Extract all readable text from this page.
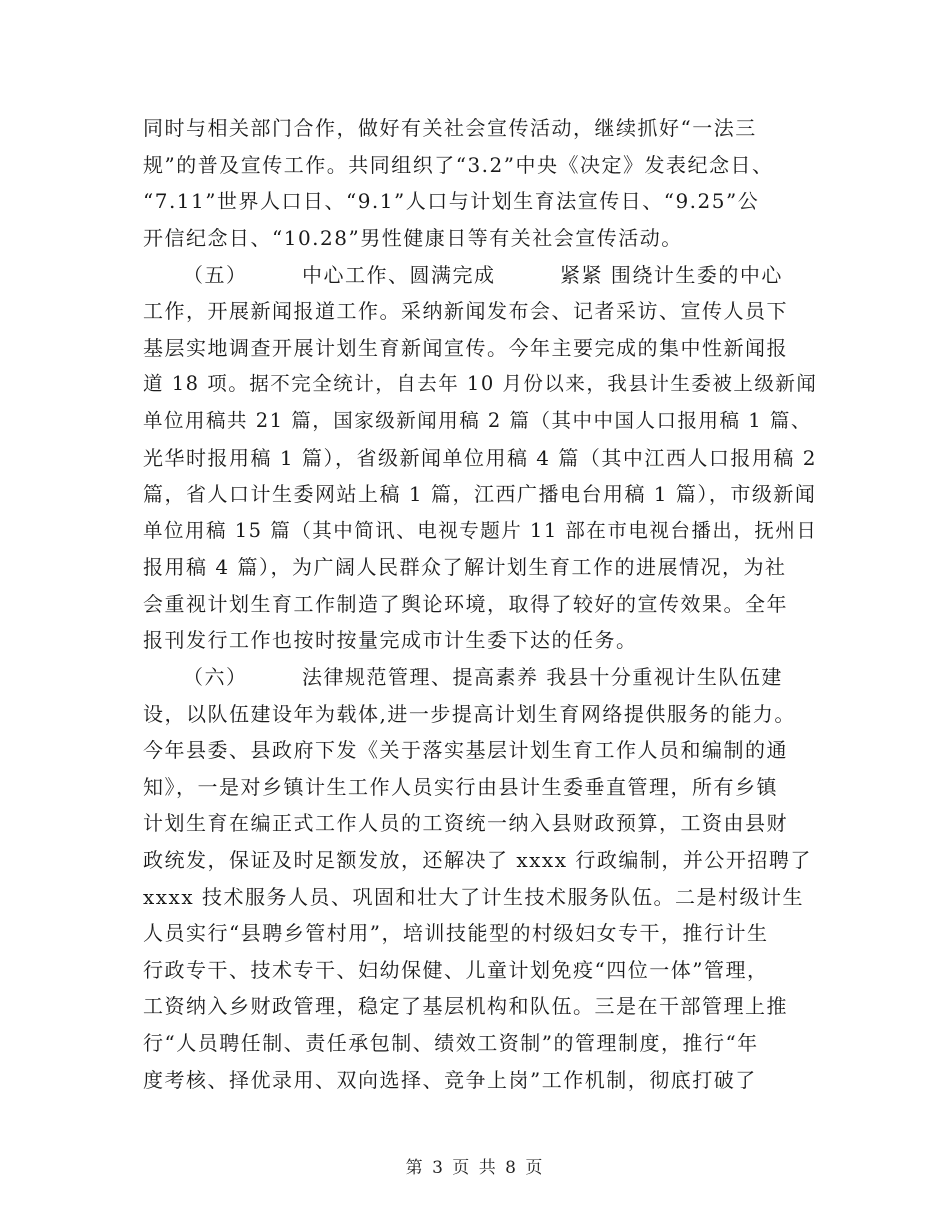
同时与相关部门合作，做好有关社会宣传活动，继续抓好“一法三
规”的普及宣传工作。共同组织了“3.2”中央《决定》发表纪念日、
“7.11”世界人口日、“9.1”人口与计划生育法宣传日、“9.25”公
开信纪念日、“10.28”男性健康日等有关社会宣传活动。
（五）　　　中心工作、圆满完成　　　紧紧 围绕计生委的中心
工作，开展新闻报道工作。采纳新闻发布会、记者采访、宣传人员下
基层实地调查开展计划生育新闻宣传。今年主要完成的集中性新闻报
道 18 项。据不完全统计，自去年 10 月份以来，我县计生委被上级新闻
单位用稿共 21 篇，国家级新闻用稿 2 篇（其中中国人口报用稿 1 篇、
光华时报用稿 1 篇），省级新闻单位用稿 4 篇（其中江西人口报用稿 2
篇，省人口计生委网站上稿 1 篇，江西广播电台用稿 1 篇），市级新闻
单位用稿 15 篇（其中简讯、电视专题片 11 部在市电视台播出，抚州日
报用稿 4 篇），为广阔人民群众了解计划生育工作的进展情况，为社
会重视计划生育工作制造了舆论环境，取得了较好的宣传效果。全年
报刊发行工作也按时按量完成市计生委下达的任务。
（六）　　　法律规范管理、提高素养 我县十分重视计生队伍建
设，以队伍建设年为载体,进一步提高计划生育网络提供服务的能力。
今年县委、县政府下发《关于落实基层计划生育工作人员和编制的通
知》，一是对乡镇计生工作人员实行由县计生委垂直管理，所有乡镇
计划生育在编正式工作人员的工资统一纳入县财政预算，工资由县财
政统发，保证及时足额发放，还解决了 xxxx 行政编制，并公开招聘了
xxxx 技术服务人员、巩固和壮大了计生技术服务队伍。二是村级计生
人员实行“县聘乡管村用”，培训技能型的村级妇女专干，推行计生
行政专干、技术专干、妇幼保健、儿童计划免疫“四位一体”管理，
工资纳入乡财政管理，稳定了基层机构和队伍。三是在干部管理上推
行“人员聘任制、责任承包制、绩效工资制”的管理制度，推行“年
度考核、择优录用、双向选择、竞争上岗”工作机制，彻底打破了
第 3 页 共 8 页
